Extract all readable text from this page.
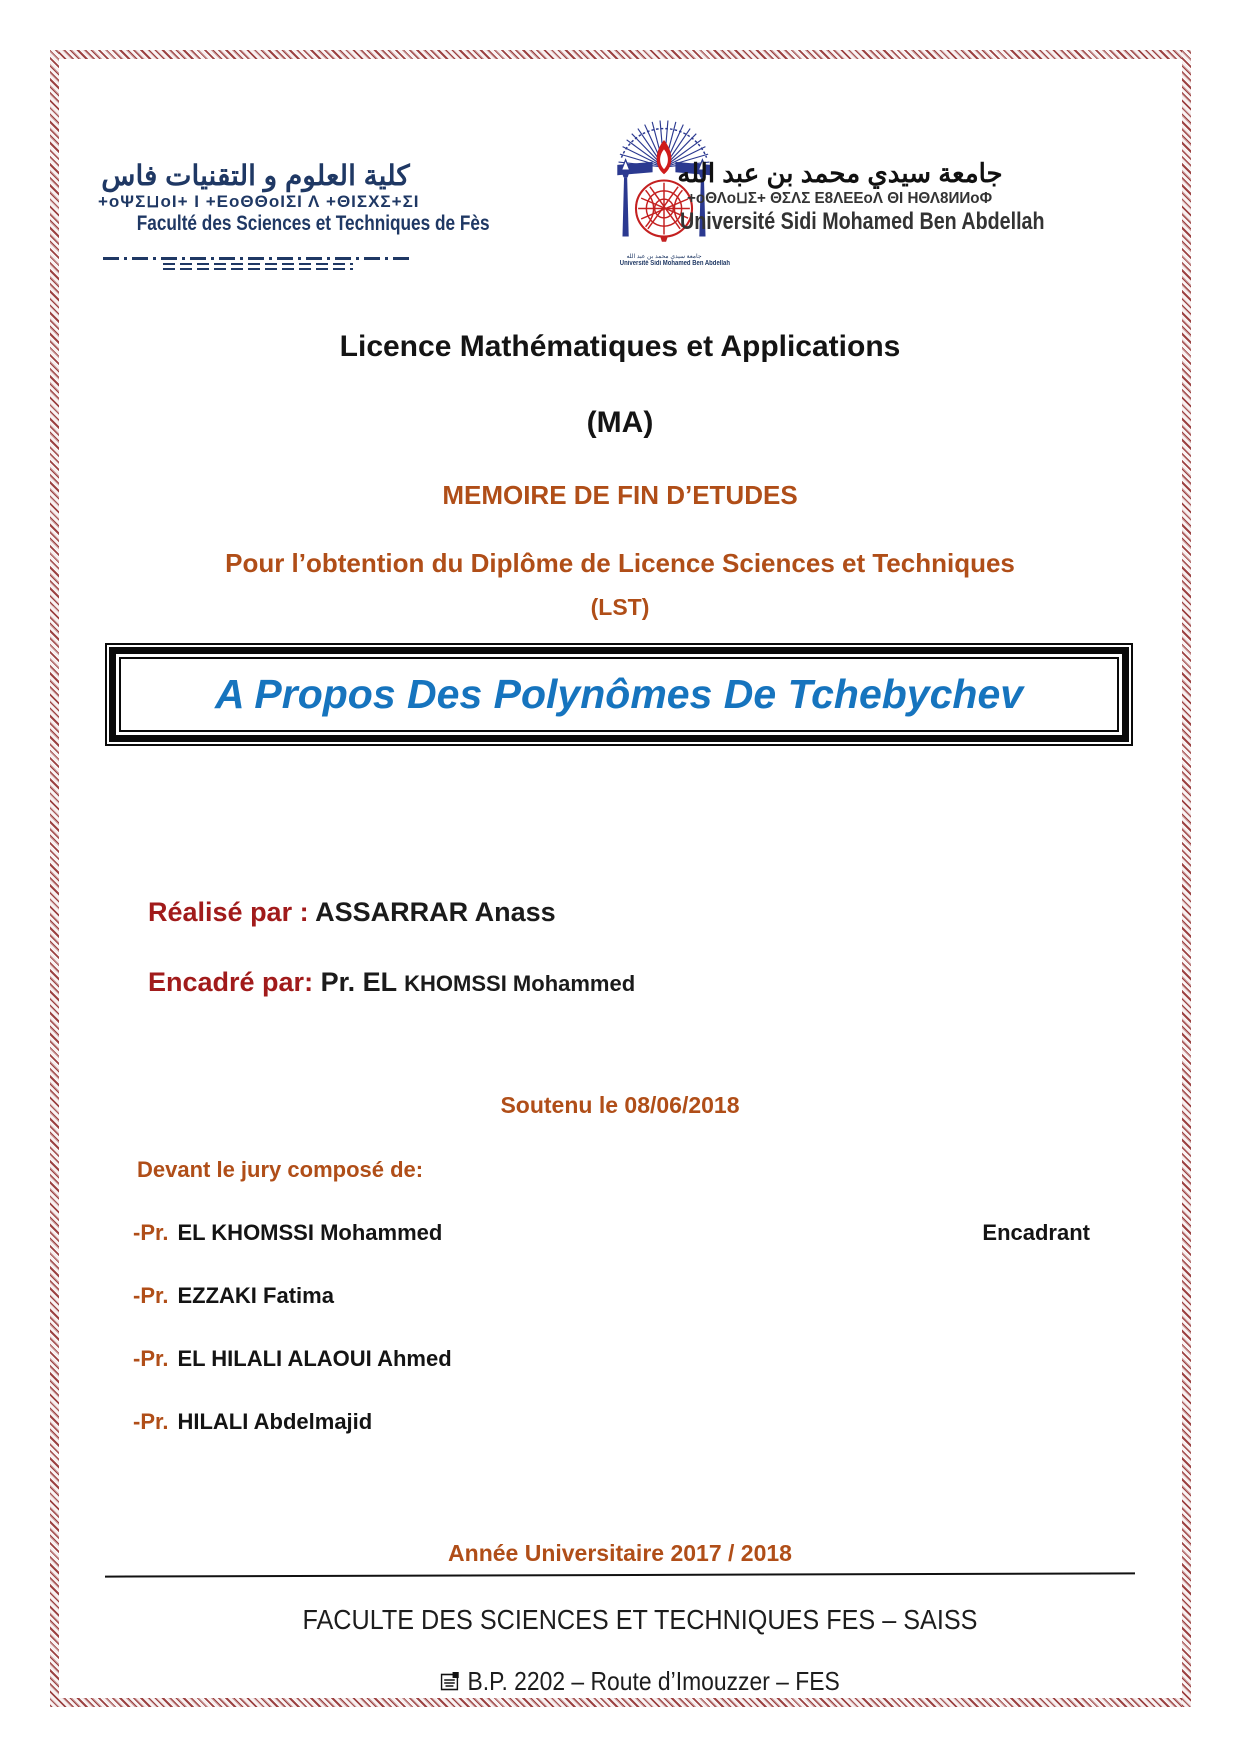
كلية العلوم و التقنيات فاس
+oΨΣ⊔oΙ+ Ι +ΕoΘΘoΙΣΙ Λ +ΘΙΣΧΣ+ΣΙ
Faculté des Sciences et Techniques de Fès
جامعة سيدي محمد بن عبد الله
Université Sidi Mohamed Ben Abdellah
جامعة سيدي محمد بن عبد الله
+oΘΛo⊔Σ+ ΘΣΛΣ Ε8ΛΕΕoΛ ΘΙ ΗΘΛ8ИИoΦ
Université Sidi Mohamed Ben Abdellah
Licence Mathématiques et Applications
(MA)
MEMOIRE DE FIN D’ETUDES
Pour l’obtention du Diplôme de Licence Sciences et Techniques
(LST)
A Propos Des Polynômes De Tchebychev
Réalisé par : ASSARRAR Anass
Encadré par: Pr. EL KHOMSSI Mohammed
Soutenu le 08/06/2018
Devant le jury composé de:
-Pr. EL KHOMSSI Mohammed	Encadrant
-Pr. EZZAKI Fatima
-Pr. EL HILALI ALAOUI Ahmed
-Pr. HILALI Abdelmajid
Année Universitaire 2017 / 2018
FACULTE DES SCIENCES ET TECHNIQUES FES – SAISS
B.P. 2202 – Route d’Imouzzer – FES
